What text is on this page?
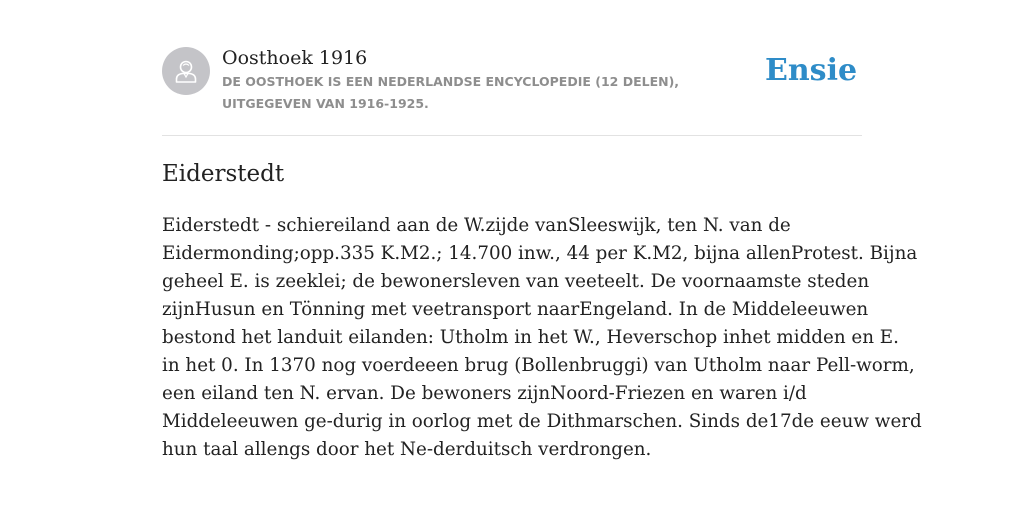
Oosthoek 1916
DE OOSTHOEK IS EEN NEDERLANDSE ENCYCLOPEDIE (12 DELEN), UITGEGEVEN VAN 1916-1925.
Ensie
Eiderstedt

Eiderstedt - schiereiland aan de W.zijde vanSleeswijk, ten N. van de
Eidermonding;opp.335 K.M2.; 14.700 inw., 44 per K.M2, bijna allenProtest. Bijna
geheel E. is zeeklei; de bewonersleven van veeteelt. De voornaamste steden
zijnHusun en Tönning met veetransport naarEngeland. In de Middeleeuwen
bestond het landuit eilanden: Utholm in het W., Heverschop inhet midden en E.
in het 0. In 1370 nog voerdeeen brug (Bollenbruggi) van Utholm naar Pell-worm,
een eiland ten N. ervan. De bewoners zijnNoord-Friezen en waren i/d
Middeleeuwen ge-durig in oorlog met de Dithmarschen. Sinds de17de eeuw werd
hun taal allengs door het Ne-derduitsch verdrongen.
